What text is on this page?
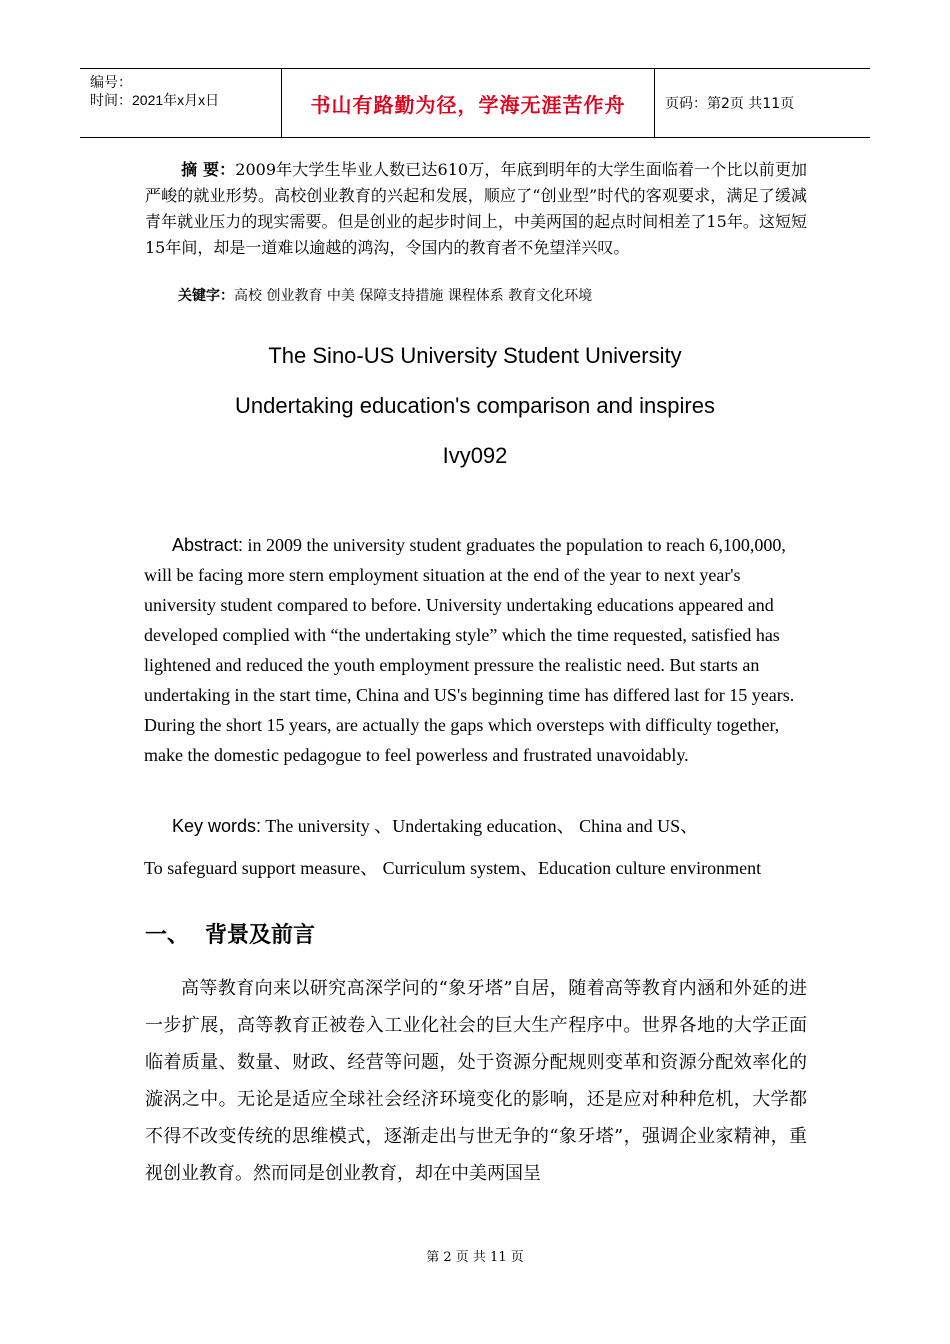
编号：
时间：2021年x月x日	书山有路勤为径，学海无涯苦作舟	页码：第2页 共11页
摘 要：2009年大学生毕业人数已达610万，年底到明年的大学生面临着一个比以前更加严峻的就业形势。高校创业教育的兴起和发展，顺应了“创业型”时代的客观要求，满足了缓减青年就业压力的现实需要。但是创业的起步时间上，中美两国的起点时间相差了15年。这短短15年间，却是一道难以逾越的鸿沟，令国内的教育者不免望洋兴叹。
关键字：高校 创业教育 中美 保障支持措施 课程体系 教育文化环境
The Sino-US University Student University
Undertaking education's comparison and inspires
Ivy092
Abstract: in 2009 the university student graduates the population to reach 6,100,000, will be facing more stern employment situation at the end of the year to next year's university student compared to before. University undertaking educations appeared and developed complied with “the undertaking style” which the time requested, satisfied has lightened and reduced the youth employment pressure the realistic need. But starts an undertaking in the start time, China and US's beginning time has differed last for 15 years. During the short 15 years, are actually the gaps which oversteps with difficulty together, make the domestic pedagogue to feel powerless and frustrated unavoidably.
Key words: The university 、Undertaking education、 China and US、
To safeguard support measure、 Curriculum system、Education culture environment
一、 背景及前言
高等教育向来以研究高深学问的“象牙塔”自居，随着高等教育内涵和外延的进一步扩展，高等教育正被卷入工业化社会的巨大生产程序中。世界各地的大学正面临着质量、数量、财政、经营等问题，处于资源分配规则变革和资源分配效率化的漩涡之中。无论是适应全球社会经济环境变化的影响，还是应对种种危机，大学都不得不改变传统的思维模式，逐渐走出与世无争的“象牙塔”，强调企业家精神，重视创业教育。然而同是创业教育，却在中美两国呈
第 2 页 共 11 页
